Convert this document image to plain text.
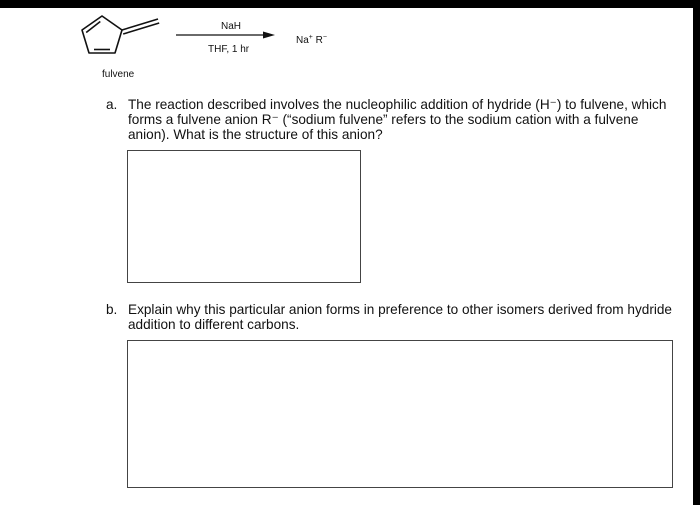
fulvene
NaH
THF, 1 hr
Na+ R−
a. The reaction described involves the nucleophilic addition of hydride (H⁻) to fulvene, which forms a fulvene anion R⁻ (“sodium fulvene” refers to the sodium cation with a fulvene anion). What is the structure of this anion?
b. Explain why this particular anion forms in preference to other isomers derived from hydride addition to different carbons.
